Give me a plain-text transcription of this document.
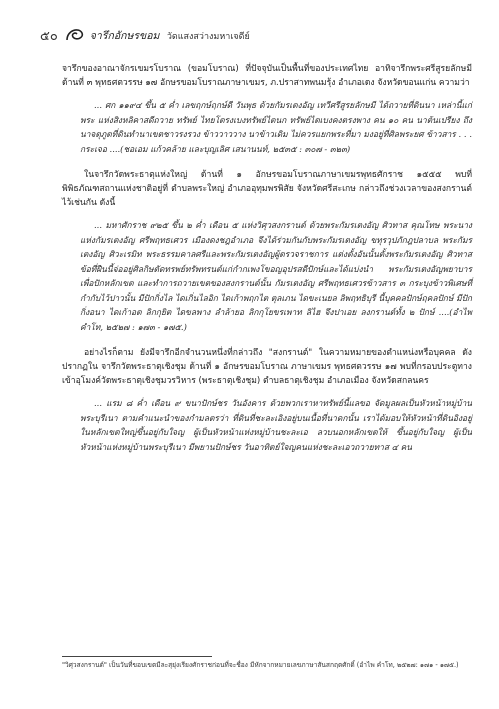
๕๐	จารึกอักษรขอม วัดแสงสว่างมหาเจดีย์

จารึกของอาณาจักรเขมรโบราณ (ขอมโบราณ) ที่ปัจจุบันเป็นพื้นที่ของประเทศไทย อาทิจารึกพระศรีสูรยลักษมี ด้านที่ ๓ พุทธศตวรรษ ๑๗ อักษรขอมโบราณภาษาเขมร, ภ.ปราสาทพนมรุ้ง อำเภอเดง จังหวัดขอนแก่น ความว่า

... ศก ๑๑๙๔ ขึ้น ๕ ค่ำ เลขฤกษ์ฤกษ์ดี วันพุธ ด้วยกัมรเตงอัญ เทวีศรีสูรยลักษมี ได้ถวายที่ดินนา เหล่านี้แก่พระ แห่งสิงหลิคาสดีถวาย ทรัพย์ ไทยโตรงเบงทรัพย์ไตนก ทรัพย์ไตเบงคงตรงพาง คน ๑๐ คน นาต้นเปรียง ถึงนาจตุภูตที่ดินทำนาเขตชาวรงรวง ข้าววาววาง นาข้าวเดิม ไม่ควรแยกพระที่มา มงอยู่ที่ศิลพระยศ ข้าวสาร . . . กระเจอ ....(ชอเอม แก้วคล้าย และบุญเลิศ เสนานนท์, ๒๕๓๕ : ๓๐๗ - ๓๒๓)

ในจารึกวัดพระธาตุแห่งใหญ่ ด้านที่ ๑ อักษรขอมโบราณภาษาเขมรพุทธศักราช ๑๕๕๕ พบที่พิพิธภัณฑสถานแห่งชาติอยู่ที่ ตำบลพระใหญ่ อำเภออุทุมพรพิสัย จังหวัดศรีสะเกษ กล่าวถึงช่วงเวลาของสงกรานต์ไว้เช่นกัน ดังนี้

... มหาศักราช ๙๒๕ ขึ้น ๒ ค่ำ เดือน ๕ แห่งวิศุวสงกรานต์ ด้วยพระกัมรเตงอัญ ศิวทาส คุณโทษ พระนางแห่งกัมรเตงอัญ ศรีพฤทธเศวร เมืองดงชฎอำเภอ จึงได้ร่วมกันกับพระกัมรเตงอัญ ขทุรวุปภักฎปลาบล พระกัมรเตงอัญ ศิวะเรมิท พระธรรมคาลศรีและพระกัมรเตงอัญผู้ตรวจราชการ แต่งตั้งอันนั้นตั้งพระกัมรเตงอัญ ศิวทาส ข้อที่ฝืนนี้จ่ออยู่ศิลกิษตัดทรพย์ทรัพทรนต์แก่กำกเพงโขอญอุปรสดีปักษ์และได้แบ่งนำ พระกัมรเตงอัญพยาบาร เพื่อปักหลักเขต และทำการถวายเขตของสงกรานต์นั้น กัมรเตงอัญ ศรีพฤทธเศวรข้าวสาร ๓ กระบุงข้าวพิเศษที่กำกับไว้ปาวนั้น มีปักกิ่งไล ไดเกิ่นไลอิก ไดเก้าพฤกไต ตุลเภน ไดขะเนยล ลิพฤทธิบุรี นี้บุคคลปักษ์ฤคลปักษ์ มีปักกิ่งอนา ไดเก้าอต ลิกกุยิต ไดขลพาง ลำล้ายอ ลิกกุโยขรเพาท ลิไฮ จึงปาเอย ลงกรานต์ทั้ง ๒ ปักษ์ ....(อำไพ คำโท, ๒๕๒๗ : ๑๗๓ - ๑๗๕.)

อย่างไรก็ตาม ยังมีจารึกอีกจำนวนหนึ่งที่กล่าวถึง "สงกรานต์" ในความหมายของตำแหน่งหรือบุคคล ดังปรากฏใน จารึกวัดพระธาตุเชิงชุม ด้านที่ ๑ อักษรขอมโบราณ ภาษาเขมร พุทธศตวรรษ ๑๗ พบที่กรอบประตูทางเข้าอุโมงค์วัดพระธาตุเชิงชุมวรวิหาร (พระธาตุเชิงชุม) ตำบลธาตุเชิงชุม อำเภอเมือง จังหวัดสกลนคร

... แรม ๘ ค่ำ เดือน ๙ ขนาปักษ์ชร วันอังคาร ด้วยพวกเราหาทรัพย์นี้แลขอ จัดมูลผลเป็นหัวหน้าหมู่บ้านพระบุรีเนา ตามคำแนะนำของกำมลตรว่า ที่ดินที่ชะละเอิงอยู่บนเนื้อที่นาดกนั้น เราได้มอบให้หัวหน้าที่ดินอิงอยู่ในหลักเขตใหญ่ขึ้นอยู่กับใจญ ผู้เป็นหัวหน้าแห่งหมู่บ้านชะละเอ ลวบนอกหลักเขตให้ ขึ้นอยู่กับใจญ ผู้เป็นหัวหน้าแห่งหมู่บ้านพระบุรีเนา มีพยานปักษ์ชร วันอาทิตย์ใจญคนแห่งชะละเอวถวายทาส ๔ คน

"วิศุวสงกรานต์" เป็นวันที่ขอบเขตมีละสุยุ่งเรียงศักราชก่อนที่จะชื่อง มีหักจากหมายเลขภาษาสันสกฤตศักดิ์ (อำไพ คำโท, ๒๕๒๗: ๑๗๑ - ๑๗๕.)
